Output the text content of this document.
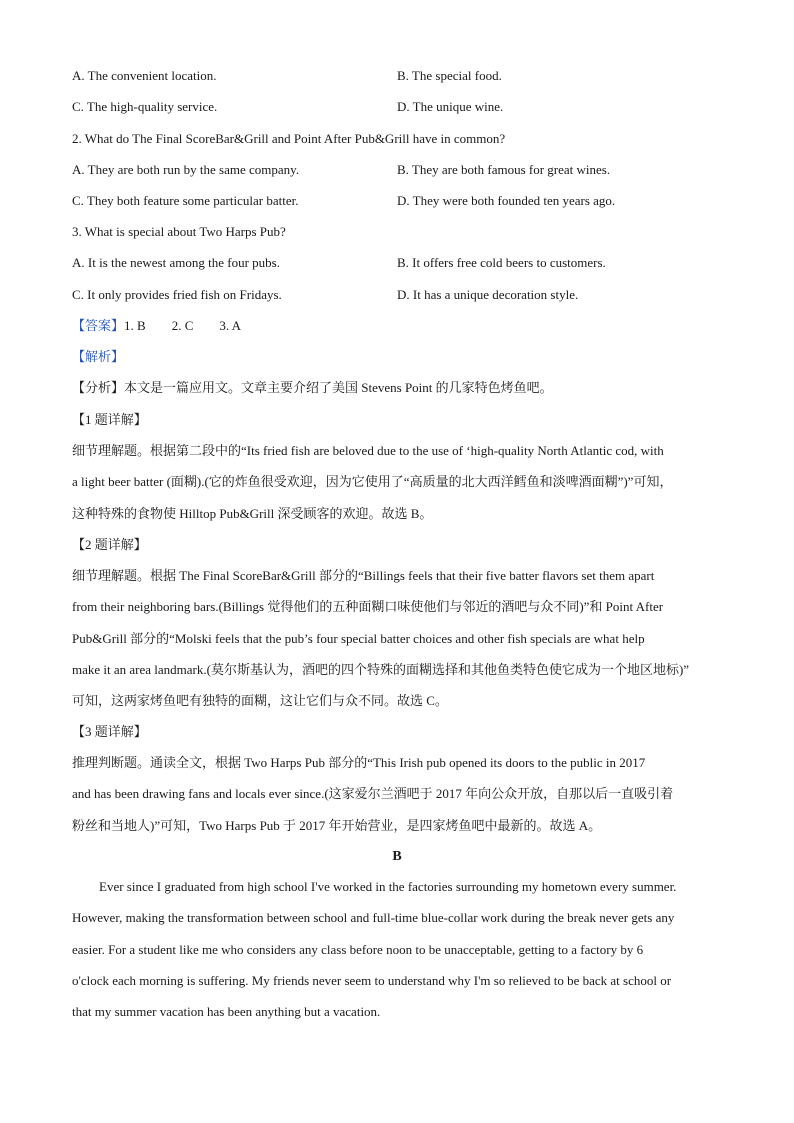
A. The convenient location.	B. The special food.
C. The high-quality service.	D. The unique wine.
2. What do The Final ScoreBar&Grill and Point After Pub&Grill have in common?
A. They are both run by the same company.	B. They are both famous for great wines.
C. They both feature some particular batter.	D. They were both founded ten years ago.
3. What is special about Two Harps Pub?
A. It is the newest among the four pubs.	B. It offers free cold beers to customers.
C. It only provides fried fish on Fridays.	D. It has a unique decoration style.
【答案】1. B 2. C 3. A
【解析】
【分析】本文是一篇应用文。文章主要介绍了美国 Stevens Point 的几家特色烤鱼吧。
【1 题详解】
细节理解题。根据第二段中的“Its fried fish are beloved due to the use of ‘high-quality North Atlantic cod, with
a light beer batter (面糊).(它的炸鱼很受欢迎，因为它使用了“高质量的北大西洋鳕鱼和淡啤酒面糊”)”可知，
这种特殊的食物使 Hilltop Pub&Grill 深受顾客的欢迎。故选 B。
【2 题详解】
细节理解题。根据 The Final ScoreBar&Grill 部分的“Billings feels that their five batter flavors set them apart
from their neighboring bars.(Billings 觉得他们的五种面糊口味使他们与邻近的酒吧与众不同)”和 Point After
Pub&Grill 部分的“Molski feels that the pub’s four special batter choices and other fish specials are what help
make it an area landmark.(莫尔斯基认为，酒吧的四个特殊的面糊选择和其他鱼类特色使它成为一个地区地标)”
可知，这两家烤鱼吧有独特的面糊，这让它们与众不同。故选 C。
【3 题详解】
推理判断题。通读全文，根据 Two Harps Pub 部分的“This Irish pub opened its doors to the public in 2017
and has been drawing fans and locals ever since.(这家爱尔兰酒吧于 2017 年向公众开放，自那以后一直吸引着
粉丝和当地人)”可知，Two Harps Pub 于 2017 年开始营业，是四家烤鱼吧中最新的。故选 A。
B
Ever since I graduated from high school I've worked in the factories surrounding my hometown every summer.
However, making the transformation between school and full-time blue-collar work during the break never gets any
easier. For a student like me who considers any class before noon to be unacceptable, getting to a factory by 6
o'clock each morning is suffering. My friends never seem to understand why I'm so relieved to be back at school or
that my summer vacation has been anything but a vacation.
